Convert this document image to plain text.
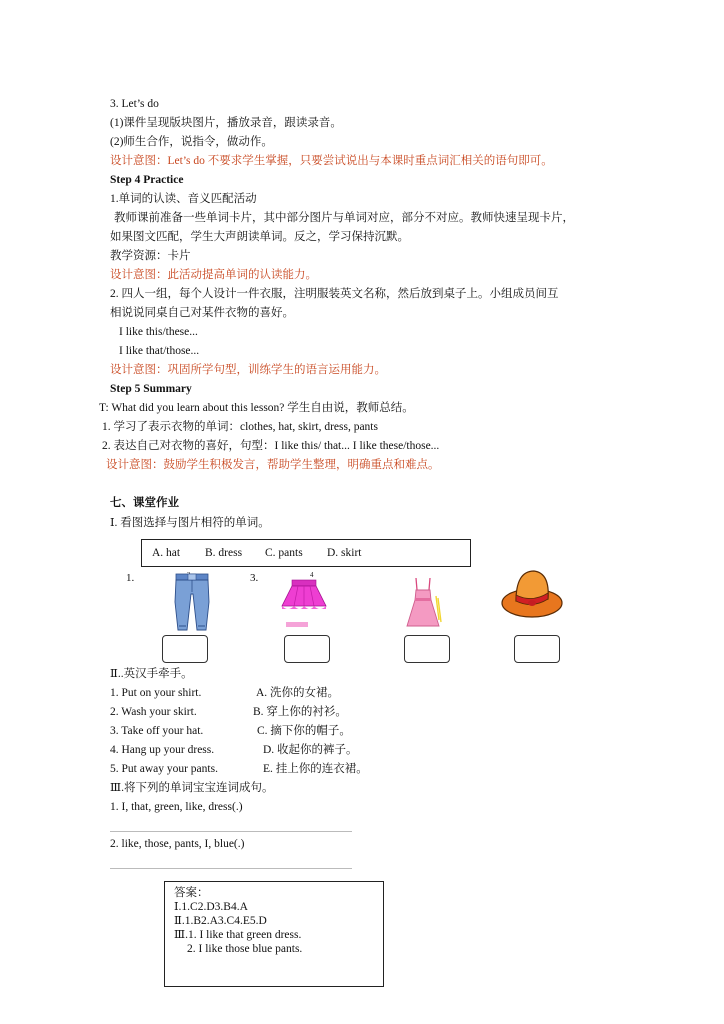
3. Let’s do
(1)课件呈现版块图片，播放录音，跟读录音。
(2)师生合作，说指令，做动作。
设计意图：Let’s do 不要求学生掌握，只要尝试说出与本课时重点词汇相关的语句即可。
Step 4 Practice
1.单词的认读、音义匹配活动
教师课前准备一些单词卡片，其中部分图片与单词对应，部分不对应。教师快速呈现卡片，
如果图文匹配，学生大声朗读单词。反之，学习保持沉默。
教学资源：卡片
设计意图：此活动提高单词的认读能力。
2. 四人一组，每个人设计一件衣服，注明服装英文名称，然后放到桌子上。小组成员间互
相说说同桌自己对某件衣物的喜好。
I like this/these...
I like that/those...
设计意图：巩固所学句型，训练学生的语言运用能力。
Step 5 Summary
T: What did you learn about this lesson? 学生自由说，教师总结。
1. 学习了表示衣物的单词：clothes, hat, skirt, dress, pants
2. 表达自己对衣物的喜好，句型：I like this/ that... I like these/those...
设计意图：鼓励学生积极发言，帮助学生整理，明确重点和难点。
七、课堂作业
Ⅰ. 看图选择与图片相符的单词。
A. hat B. dress C. pants D. skirt
1.	3.	4
Ⅱ..英汉手牵手。
1. Put on your shirt.
2. Wash your skirt.
3. Take off your hat.
4. Hang up your dress.
5. Put away your pants.
A. 洗你的女裙。
B. 穿上你的衬衫。
C. 摘下你的帽子。
D. 收起你的裤子。
E. 挂上你的连衣裙。
Ⅲ.将下列的单词宝宝连词成句。
1. I, that, green, like, dress(.)
2. like, those, pants, I, blue(.)
答案：
Ⅰ.1.C2.D3.B4.A
Ⅱ.1.B2.A3.C4.E5.D
Ⅲ.1. I like that green dress.
2. I like those blue pants.
